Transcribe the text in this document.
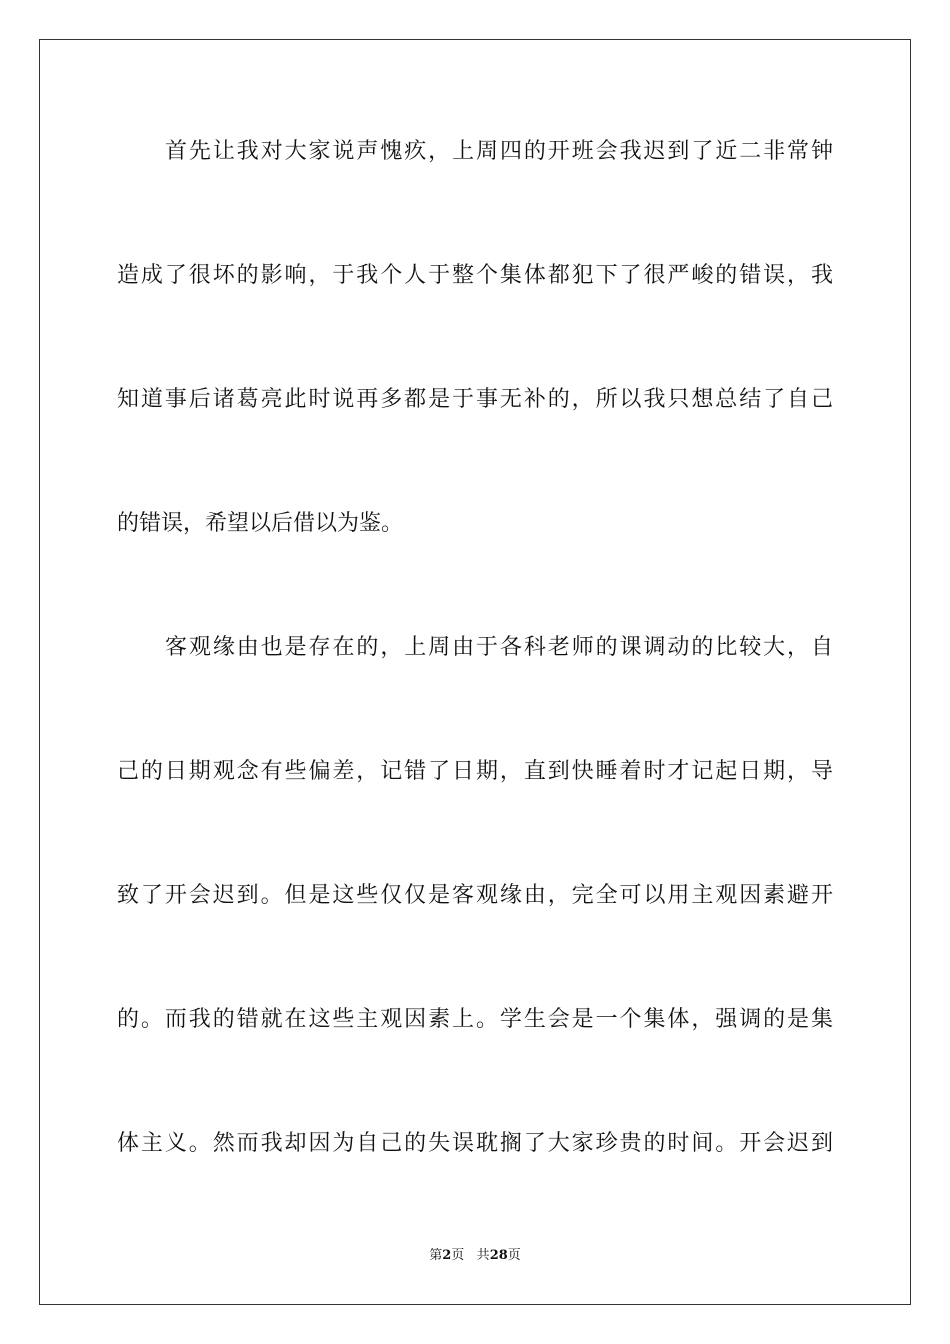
首先让我对大家说声愧疚，上周四的开班会我迟到了近二非常钟
造成了很坏的影响，于我个人于整个集体都犯下了很严峻的错误，我
知道事后诸葛亮此时说再多都是于事无补的，所以我只想总结了自己
的错误，希望以后借以为鉴。
客观缘由也是存在的，上周由于各科老师的课调动的比较大，自
己的日期观念有些偏差，记错了日期，直到快睡着时才记起日期，导
致了开会迟到。但是这些仅仅是客观缘由，完全可以用主观因素避开
的。而我的错就在这些主观因素上。学生会是一个集体，强调的是集
体主义。然而我却因为自己的失误耽搁了大家珍贵的时间。开会迟到
第2页 共28页
